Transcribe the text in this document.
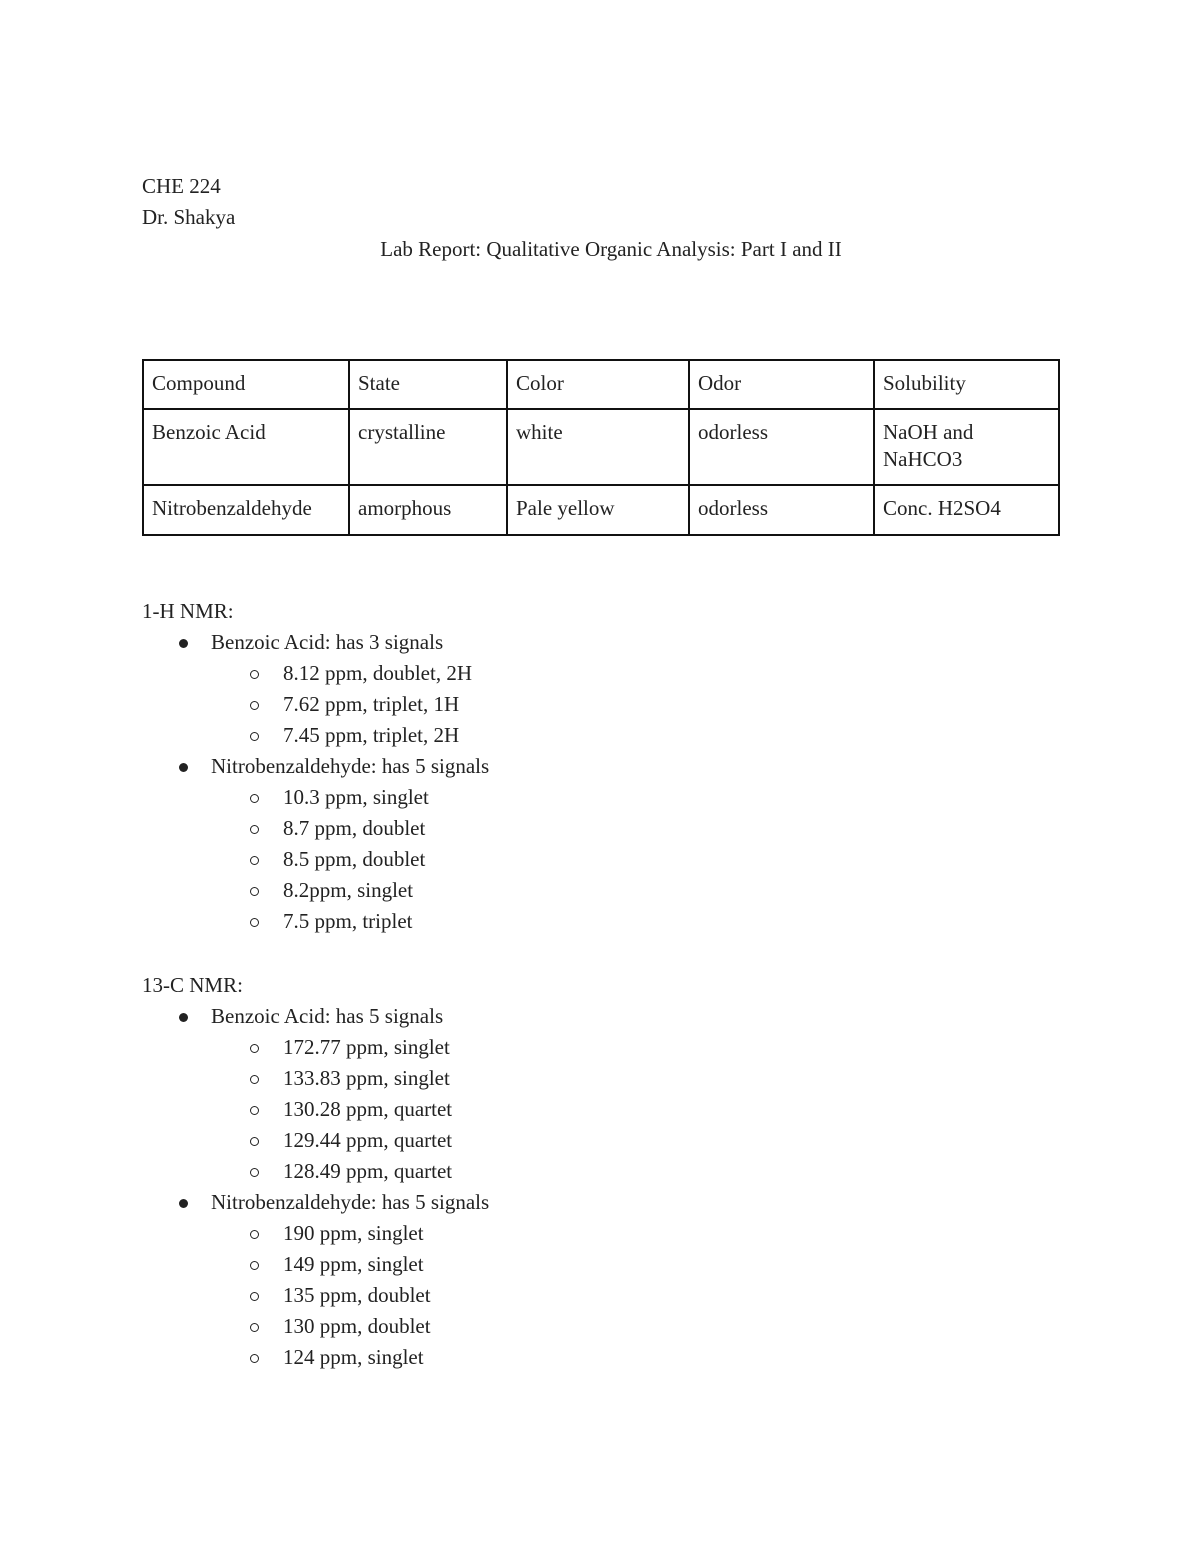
CHE 224
Dr. Shakya
Lab Report: Qualitative Organic Analysis: Part I and II
Compound	State	Color	Odor	Solubility
Benzoic Acid	crystalline	white	odorless	NaOH and NaHCO3
Nitrobenzaldehyde	amorphous	Pale yellow	odorless	Conc. H2SO4
1-H NMR:
Benzoic Acid: has 3 signals
8.12 ppm, doublet, 2H
7.62 ppm, triplet, 1H
7.45 ppm, triplet, 2H
Nitrobenzaldehyde: has 5 signals
10.3 ppm, singlet
8.7 ppm, doublet
8.5 ppm, doublet
8.2ppm, singlet
7.5 ppm, triplet
13-C NMR:
Benzoic Acid: has 5 signals
172.77 ppm, singlet
133.83 ppm, singlet
130.28 ppm, quartet
129.44 ppm, quartet
128.49 ppm, quartet
Nitrobenzaldehyde: has 5 signals
190 ppm, singlet
149 ppm, singlet
135 ppm, doublet
130 ppm, doublet
124 ppm, singlet
